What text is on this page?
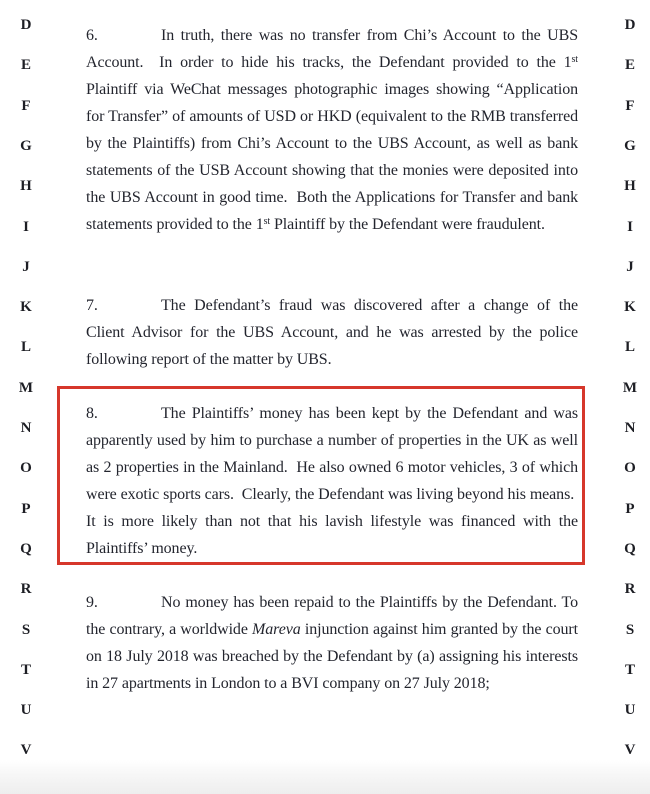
D
E
F
G
H
I
J
K
L
M
N
O
P
Q
R
S
T
U
V
D
E
F
G
H
I
J
K
L
M
N
O
P
Q
R
S
T
U
V

6.	In truth, there was no transfer from Chi’s Account to the UBS Account.  In order to hide his tracks, the Defendant provided to the 1st Plaintiff via WeChat messages photographic images showing “Application for Transfer” of amounts of USD or HKD (equivalent to the RMB transferred by the Plaintiffs) from Chi’s Account to the UBS Account, as well as bank statements of the USB Account showing that the monies were deposited into the UBS Account in good time.  Both the Applications for Transfer and bank statements provided to the 1st Plaintiff by the Defendant were fraudulent.

7.	The Defendant’s fraud was discovered after a change of the Client Advisor for the UBS Account, and he was arrested by the police following report of the matter by UBS.

8.	The Plaintiffs’ money has been kept by the Defendant and was apparently used by him to purchase a number of properties in the UK as well as 2 properties in the Mainland.  He also owned 6 motor vehicles, 3 of which were exotic sports cars.  Clearly, the Defendant was living beyond his means.  It is more likely than not that his lavish lifestyle was financed with the Plaintiffs’ money.

9.	No money has been repaid to the Plaintiffs by the Defendant. To the contrary, a worldwide Mareva injunction against him granted by the court on 18 July 2018 was breached by the Defendant by (a) assigning his interests in 27 apartments in London to a BVI company on 27 July 2018;
